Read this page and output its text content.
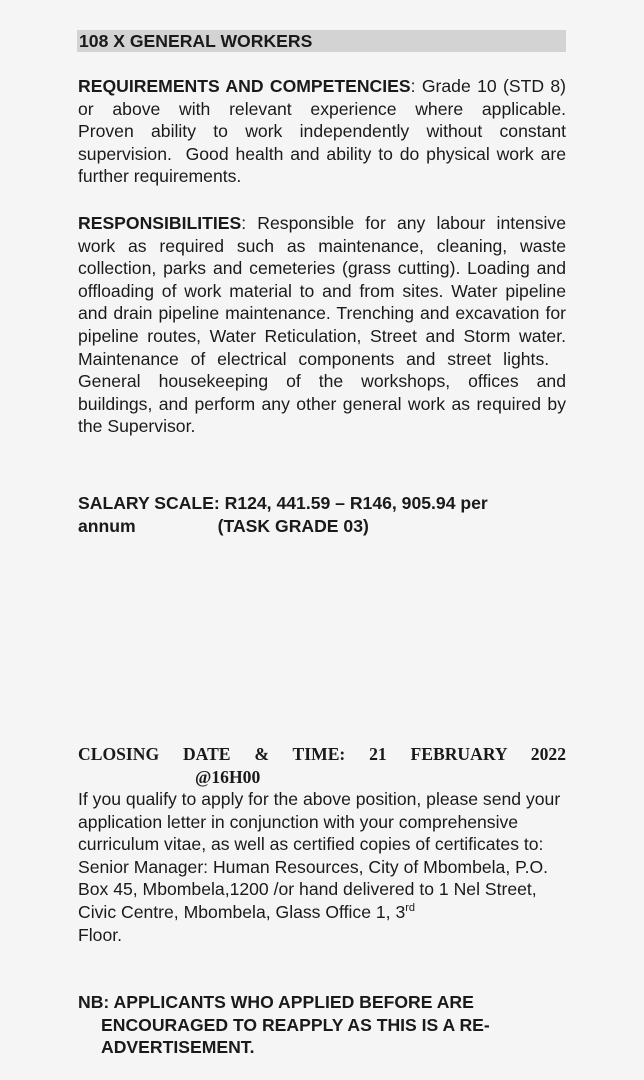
108 X GENERAL WORKERS
REQUIREMENTS AND COMPETENCIES: Grade 10 (STD 8) or above with relevant experience where applicable.       Proven ability to work independently without constant supervision.  Good health and ability to do physical work are further requirements.
RESPONSIBILITIES: Responsible for any labour intensive work as required such as maintenance, cleaning, waste collection, parks and cemeteries (grass cutting). Loading and offloading of work material to and from sites. Water pipeline and drain pipeline maintenance. Trenching and excavation for pipeline routes, Water Reticulation, Street and Storm water. Maintenance of electrical components and street lights. General housekeeping of the workshops, offices and buildings, and perform any other general work as required by the Supervisor.
SALARY SCALE: R124, 441.59 – R146, 905.94 per
annum	(TASK GRADE 03)
CLOSING DATE & TIME: 21 FEBRUARY 2022
@16H00

If you qualify to apply for the above position, please send your application letter in conjunction with your comprehensive curriculum vitae, as well as certified copies of certificates to:

Senior Manager: Human Resources, City of Mbombela, P.O. Box 45, Mbombela,1200 /or hand delivered to 1 Nel Street, Civic Centre, Mbombela, Glass Office 1, 3rd
Floor.

NB: APPLICANTS WHO APPLIED BEFORE ARE
ENCOURAGED TO REAPPLY AS THIS IS A RE-
ADVERTISEMENT.
